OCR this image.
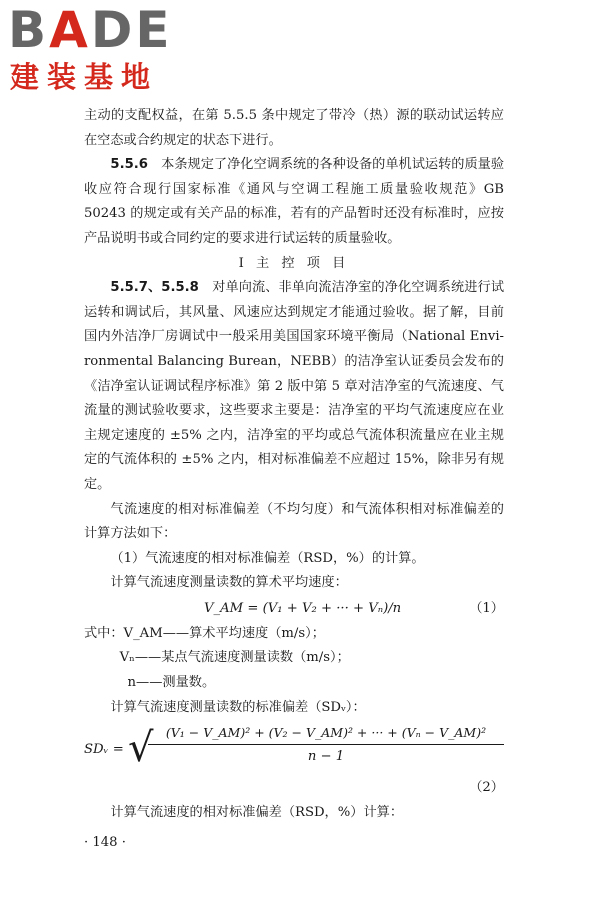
BADE
建装基地

主动的支配权益，在第 5.5.5 条中规定了带冷（热）源的联动试运转应在空态或合约规定的状态下进行。

5.5.6　 本条规定了净化空调系统的各种设备的单机试运转的质量验收应符合现行国家标准《通风与空调工程施工质量验收规范》GB 50243 的规定或有关产品的标准，若有的产品暂时还没有标准时，应按产品说明书或合同约定的要求进行试运转的质量验收。

Ⅰ 主 控 项 目

5.5.7、5.5.8　 对单向流、非单向流洁净室的净化空调系统进行试运转和调试后，其风量、风速应达到规定才能通过验收。据了解，目前国内外洁净厂房调试中一般采用美国国家环境平衡局（National Envi-ronmental Balancing Burean，NEBB）的洁净室认证委员会发布的《洁净室认证调试程序标准》第 2 版中第 5 章对洁净室的气流速度、气流量的测试验收要求，这些要求主要是：洁净室的平均气流速度应在业主规定速度的 ±5% 之内，洁净室的平均或总气流体积流量应在业主规定的气流体积的 ±5% 之内，相对标准偏差不应超过 15%，除非另有规定。

气流速度的相对标准偏差（不均匀度）和气流体积相对标准偏差的计算方法如下：

（1）气流速度的相对标准偏差（RSD，%）的计算。

计算气流速度测量读数的算术平均速度：

V_AM = (V₁ + V₂ + ··· + Vₙ)/n	（1）

式中：V_AM——算术平均速度（m/s）；

Vₙ——某点气流速度测量读数（m/s）；

n——测量数。

计算气流速度测量读数的标准偏差（SDᵥ）：

SDᵥ = √ (V₁ − V_AM)² + (V₂ − V_AM)² + ··· + (Vₙ − V_AM)²
n − 1

（2）

计算气流速度的相对标准偏差（RSD，%）计算：

· 148 ·
